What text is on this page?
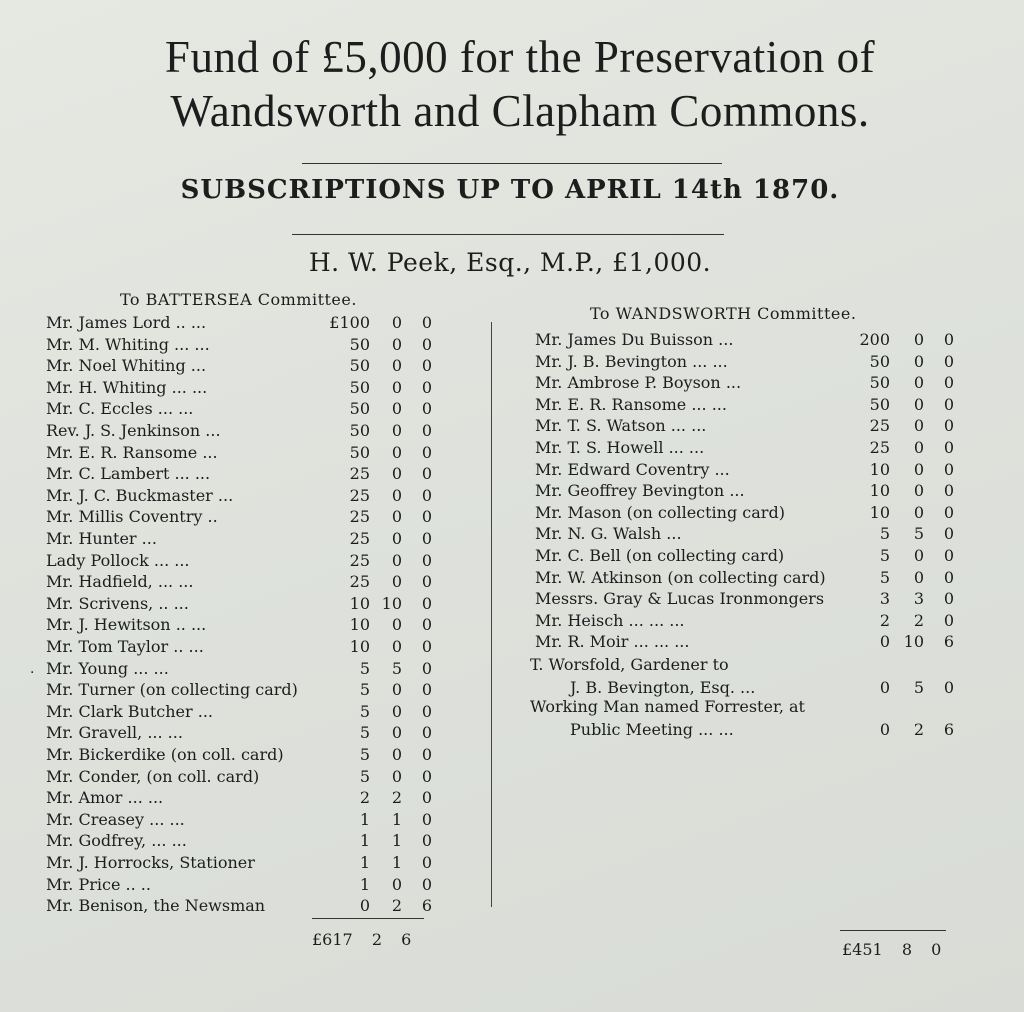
Fund of £5,000 for the Preservation of
Wandsworth and Clapham Commons.
SUBSCRIPTIONS UP TO APRIL 14th 1870.
H. W. Peek, Esq., M.P., £1,000.
To BATTERSEA Committee.
To WANDSWORTH Committee.
·
Mr. James Lord .. ...	£100 0 0
Mr. M. Whiting ... ...	50 0 0
Mr. Noel Whiting ...	50 0 0
Mr. H. Whiting ... ...	50 0 0
Mr. C. Eccles ... ...	50 0 0
Rev. J. S. Jenkinson ...	50 0 0
Mr. E. R. Ransome ...	50 0 0
Mr. C. Lambert ... ...	25 0 0
Mr. J. C. Buckmaster ...	25 0 0
Mr. Millis Coventry ..	25 0 0
Mr. Hunter ...	25 0 0
Lady Pollock ... ...	25 0 0
Mr. Hadfield, ... ...	25 0 0
Mr. Scrivens, .. ...	10 10 0
Mr. J. Hewitson .. ...	10 0 0
Mr. Tom Taylor .. ...	10 0 0
Mr. Young ... ...	5 5 0
Mr. Turner (on collecting card)	5 0 0
Mr. Clark Butcher ...	5 0 0
Mr. Gravell, ... ...	5 0 0
Mr. Bickerdike (on coll. card)	5 0 0
Mr. Conder, (on coll. card)	5 0 0
Mr. Amor ... ...	2 2 0
Mr. Creasey ... ...	1 1 0
Mr. Godfrey, ... ...	1 1 0
Mr. J. Horrocks, Stationer	1 1 0
Mr. Price .. ..	1 0 0
Mr. Benison, the Newsman	0 2 6
Mr. James Du Buisson ...	200 0 0
Mr. J. B. Bevington ... ...	50 0 0
Mr. Ambrose P. Boyson ...	50 0 0
Mr. E. R. Ransome ... ...	50 0 0
Mr. T. S. Watson ... ...	25 0 0
Mr. T. S. Howell ... ...	25 0 0
Mr. Edward Coventry ...	10 0 0
Mr. Geoffrey Bevington ...	10 0 0
Mr. Mason (on collecting card)	10 0 0
Mr. N. G. Walsh ...	5 5 0
Mr. C. Bell (on collecting card)	5 0 0
Mr. W. Atkinson (on collecting card)	5 0 0
Messrs. Gray & Lucas Ironmongers	3 3 0
Mr. Heisch ... ... ...	2 2 0
Mr. R. Moir ... ... ...	0 10 6
T. Worsfold, Gardener to
J. B. Bevington, Esq. ...	0 5 0
Working Man named Forrester, at
Public Meeting ... ...	0 2 6
£617 2 6
£451 8 0
